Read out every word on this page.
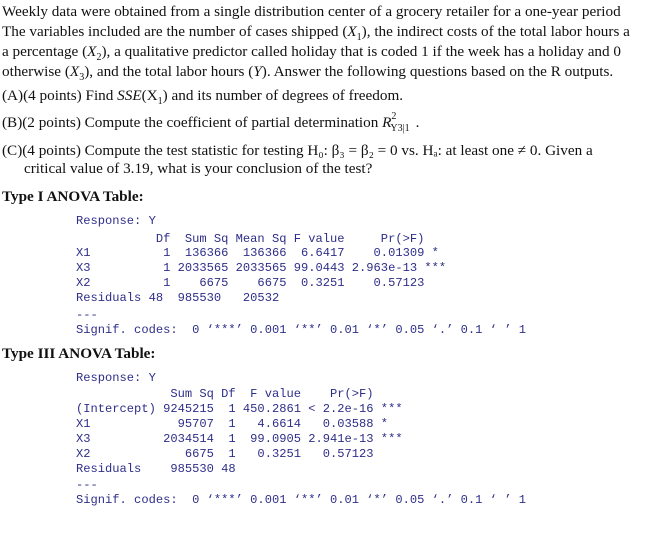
Weekly data were obtained from a single distribution center of a grocery retailer for a one-year period
The variables included are the number of cases shipped $(X_1)$, the indirect costs of the total labor hours a
a percentage $(X_2)$, a qualitative predictor called holiday that is coded 1 if the week has a holiday and 0
otherwise $(X_3)$, and the total labor hours (Y). Answer the following questions based on the R outputs.
(A)(4 points) Find $SSE(X_1)$ and its number of degrees of freedom.
(B)(2 points) Compute the coefficient of partial determination $R^2_{Y3|1}$ .
(C)(4 points) Compute the test statistic for testing H₀: β₃ = β₂ = 0 vs. Hₐ: at least one ≠ 0. Given a
critical value of 3.19, what is your conclusion of the test?
Type I ANOVA Table:
Response: Y
Df  Sum Sq Mean Sq F value     Pr(>F)
X1          1  136366  136366  6.6417    0.01309 *
X3          1 2033565 2033565 99.0443 2.963e-13 ***
X2          1    6675    6675  0.3251    0.57123
Residuals 48  985530   20532
---
Signif. codes:  0 ‘***’ 0.001 ‘**’ 0.01 ‘*’ 0.05 ‘.’ 0.1 ‘ ’ 1
Type III ANOVA Table:
Response: Y
Sum Sq Df  F value    Pr(>F)
(Intercept) 9245215  1 450.2861 < 2.2e-16 ***
X1            95707  1   4.6614   0.03588 *
X3          2034514  1  99.0905 2.941e-13 ***
X2             6675  1   0.3251   0.57123
Residuals    985530 48
---
Signif. codes:  0 ‘***’ 0.001 ‘**’ 0.01 ‘*’ 0.05 ‘.’ 0.1 ‘ ’ 1
